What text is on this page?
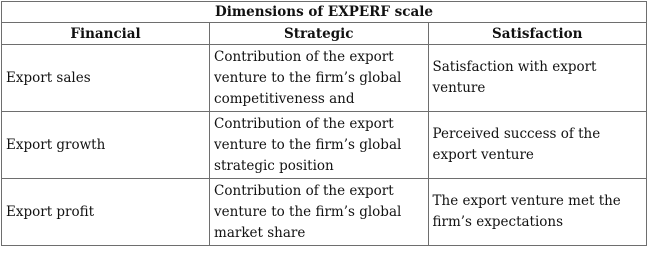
Dimensions of EXPERF scale		
Financial	Strategic	Satisfaction
Export sales	Contribution of the export venture to the firm’s global competitiveness and	Satisfaction with export venture
Export growth	Contribution of the export venture to the firm’s global strategic position	Perceived success of the export venture
Export profit	Contribution of the export venture to the firm’s global market share	The export venture met the firm’s expectations
